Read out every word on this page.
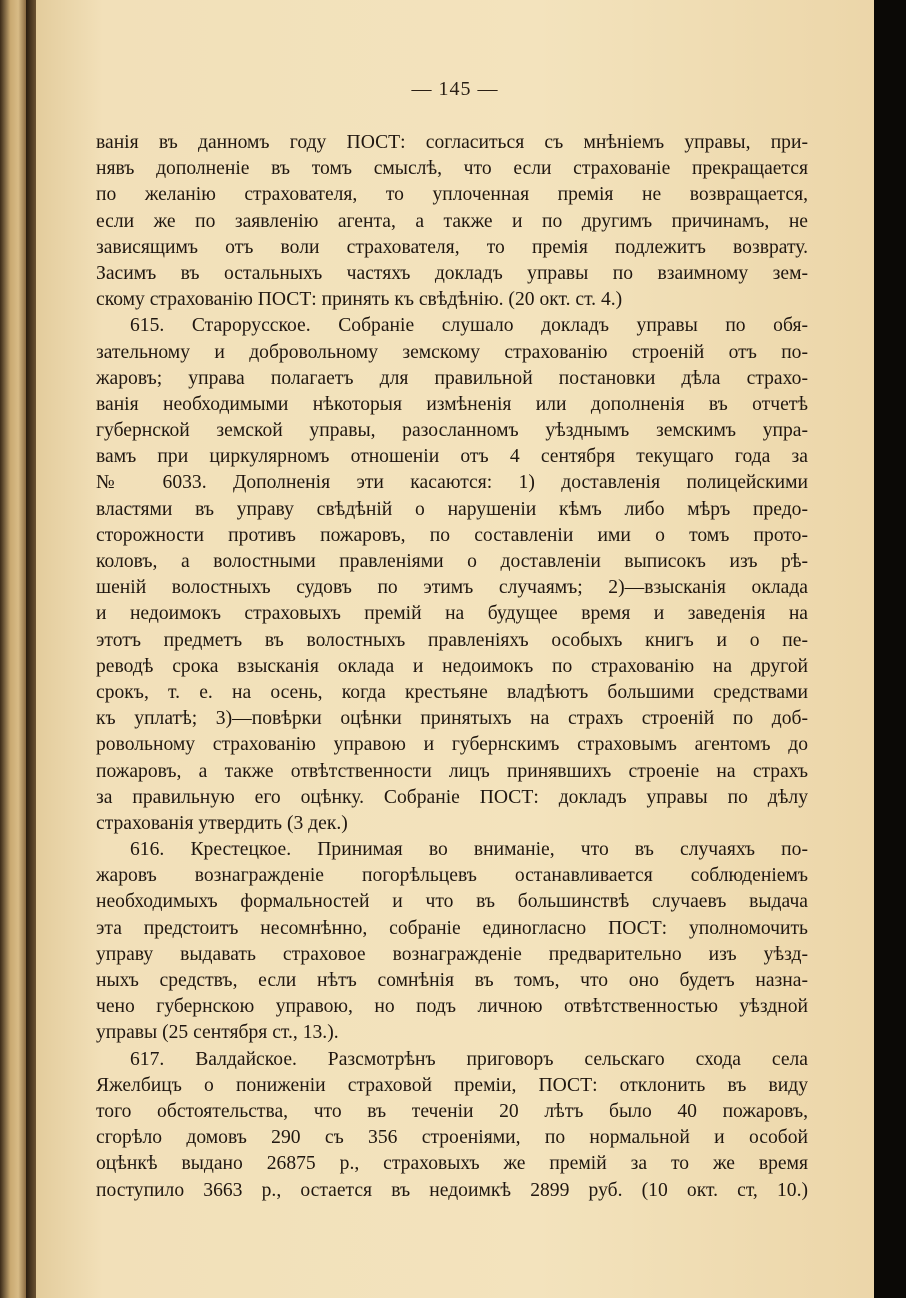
— 145 —
ванія въ данномъ году ПОСТ: согласиться съ мнѣніемъ управы, при-
нявъ дополненіе въ томъ смыслѣ, что если страхованіе прекращается
по желанію страхователя, то уплоченная премія не возвращается,
если же по заявленію агента, а также и по другимъ причинамъ, не
зависящимъ отъ воли страхователя, то премія подлежитъ возврату.
Засимъ въ остальныхъ частяхъ докладъ управы по взаимному зем-
скому страхованію ПОСТ: принять къ свѣдѣнію. (20 окт. ст. 4.)
615. Старорусское. Собраніе слушало докладъ управы по обя-
зательному и добровольному земскому страхованію строеній отъ по-
жаровъ; управа полагаетъ для правильной постановки дѣла страхо-
ванія необходимыми нѣкоторыя измѣненія или дополненія въ отчетѣ
губернской земской управы, разосланномъ уѣзднымъ земскимъ упра-
вамъ при циркулярномъ отношеніи отъ 4 сентября текущаго года за
№ 6033. Дополненія эти касаются: 1) доставленія полицейскими
властями въ управу свѣдѣній о нарушеніи кѣмъ либо мѣръ предо-
сторожности противъ пожаровъ, по составленіи ими о томъ прото-
коловъ, а волостными правленіями о доставленіи выписокъ изъ рѣ-
шеній волостныхъ судовъ по этимъ случаямъ; 2)—взысканія оклада
и недоимокъ страховыхъ премій на будущее время и заведенія на
этотъ предметъ въ волостныхъ правленіяхъ особыхъ книгъ и о пе-
реводѣ срока взысканія оклада и недоимокъ по страхованію на другой
срокъ, т. е. на осень, когда крестьяне владѣютъ большими средствами
къ уплатѣ; 3)—повѣрки оцѣнки принятыхъ на страхъ строеній по доб-
ровольному страхованію управою и губернскимъ страховымъ агентомъ до
пожаровъ, а также отвѣтственности лицъ принявшихъ строеніе на страхъ
за правильную его оцѣнку. Собраніе ПОСТ: докладъ управы по дѣлу
страхованія утвердить (3 дек.)
616. Крестецкое. Принимая во вниманіе, что въ случаяхъ по-
жаровъ вознагражденіе погорѣльцевъ останавливается соблюденіемъ
необходимыхъ формальностей и что въ большинствѣ случаевъ выдача
эта предстоитъ несомнѣнно, собраніе единогласно ПОСТ: уполномочить
управу выдавать страховое вознагражденіе предварительно изъ уѣзд-
ныхъ средствъ, если нѣтъ сомнѣнія въ томъ, что оно будетъ назна-
чено губернскою управою, но подъ личною отвѣтственностью уѣздной
управы (25 сентября ст., 13.).
617. Валдайское. Разсмотрѣнъ приговоръ сельскаго схода села
Яжелбицъ о пониженіи страховой преміи, ПОСТ: отклонить въ виду
того обстоятельства, что въ теченіи 20 лѣтъ было 40 пожаровъ,
сгорѣло домовъ 290 съ 356 строеніями, по нормальной и особой
оцѣнкѣ выдано 26875 р., страховыхъ же премій за то же время
поступило 3663 р., остается въ недоимкѣ 2899 руб. (10 окт. ст, 10.)
